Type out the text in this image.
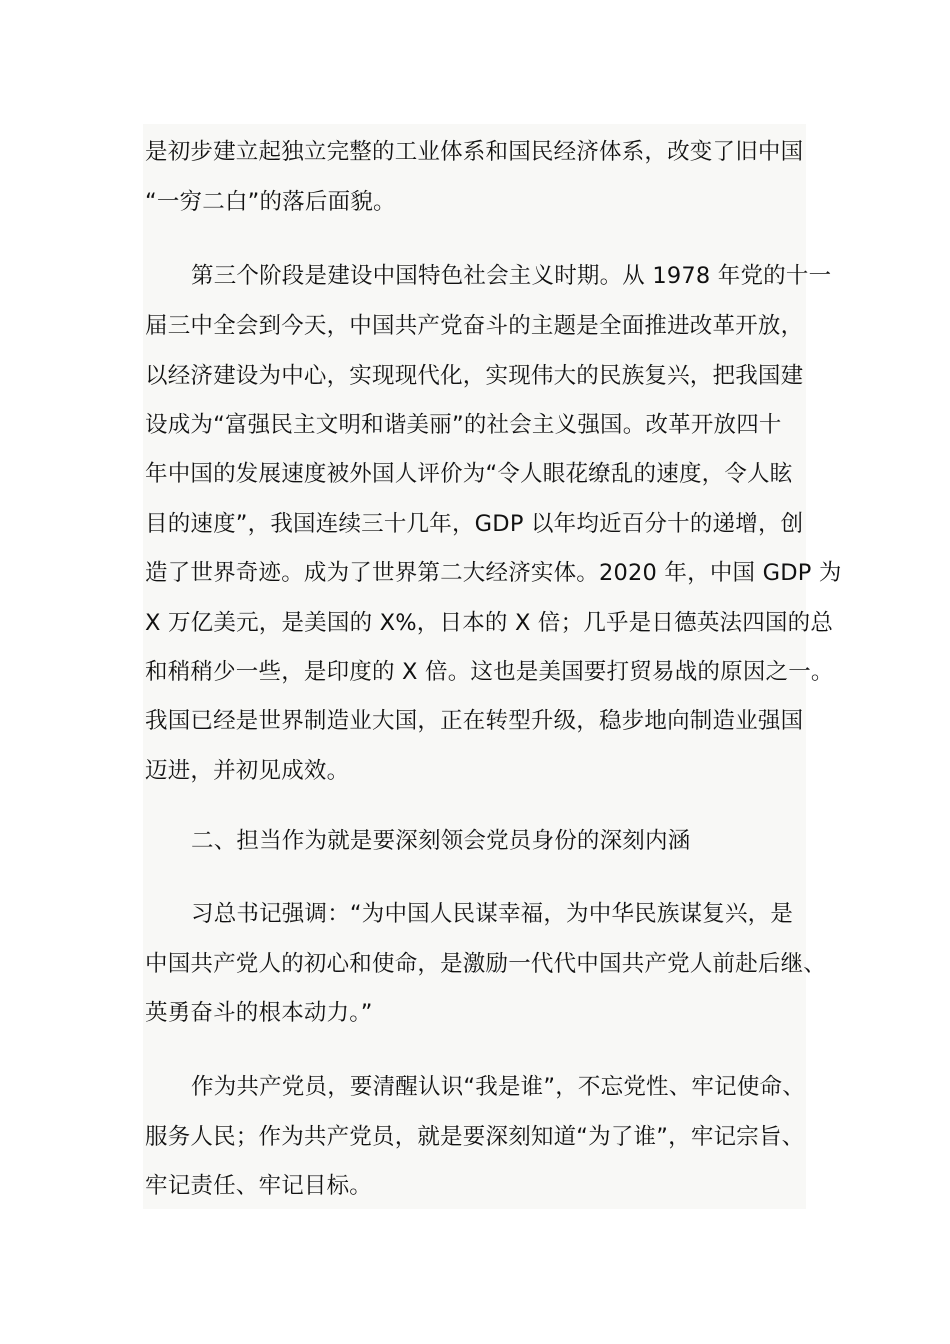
是初步建立起独立完整的工业体系和国民经济体系，改变了旧中国
“一穷二白”的落后面貌。
第三个阶段是建设中国特色社会主义时期。从 1978 年党的十一
届三中全会到今天，中国共产党奋斗的主题是全面推进改革开放，
以经济建设为中心，实现现代化，实现伟大的民族复兴，把我国建
设成为“富强民主文明和谐美丽”的社会主义强国。改革开放四十
年中国的发展速度被外国人评价为“令人眼花缭乱的速度，令人眩
目的速度”，我国连续三十几年，GDP 以年均近百分十的递增，创
造了世界奇迹。成为了世界第二大经济实体。2020 年，中国 GDP 为
X 万亿美元，是美国的 X%，日本的 X 倍；几乎是日德英法四国的总
和稍稍少一些，是印度的 X 倍。这也是美国要打贸易战的原因之一。
我国已经是世界制造业大国，正在转型升级，稳步地向制造业强国
迈进，并初见成效。
二、担当作为就是要深刻领会党员身份的深刻内涵
习总书记强调：“为中国人民谋幸福，为中华民族谋复兴，是
中国共产党人的初心和使命，是激励一代代中国共产党人前赴后继、
英勇奋斗的根本动力。”
作为共产党员，要清醒认识“我是谁”，不忘党性、牢记使命、
服务人民；作为共产党员，就是要深刻知道“为了谁”，牢记宗旨、
牢记责任、牢记目标。
